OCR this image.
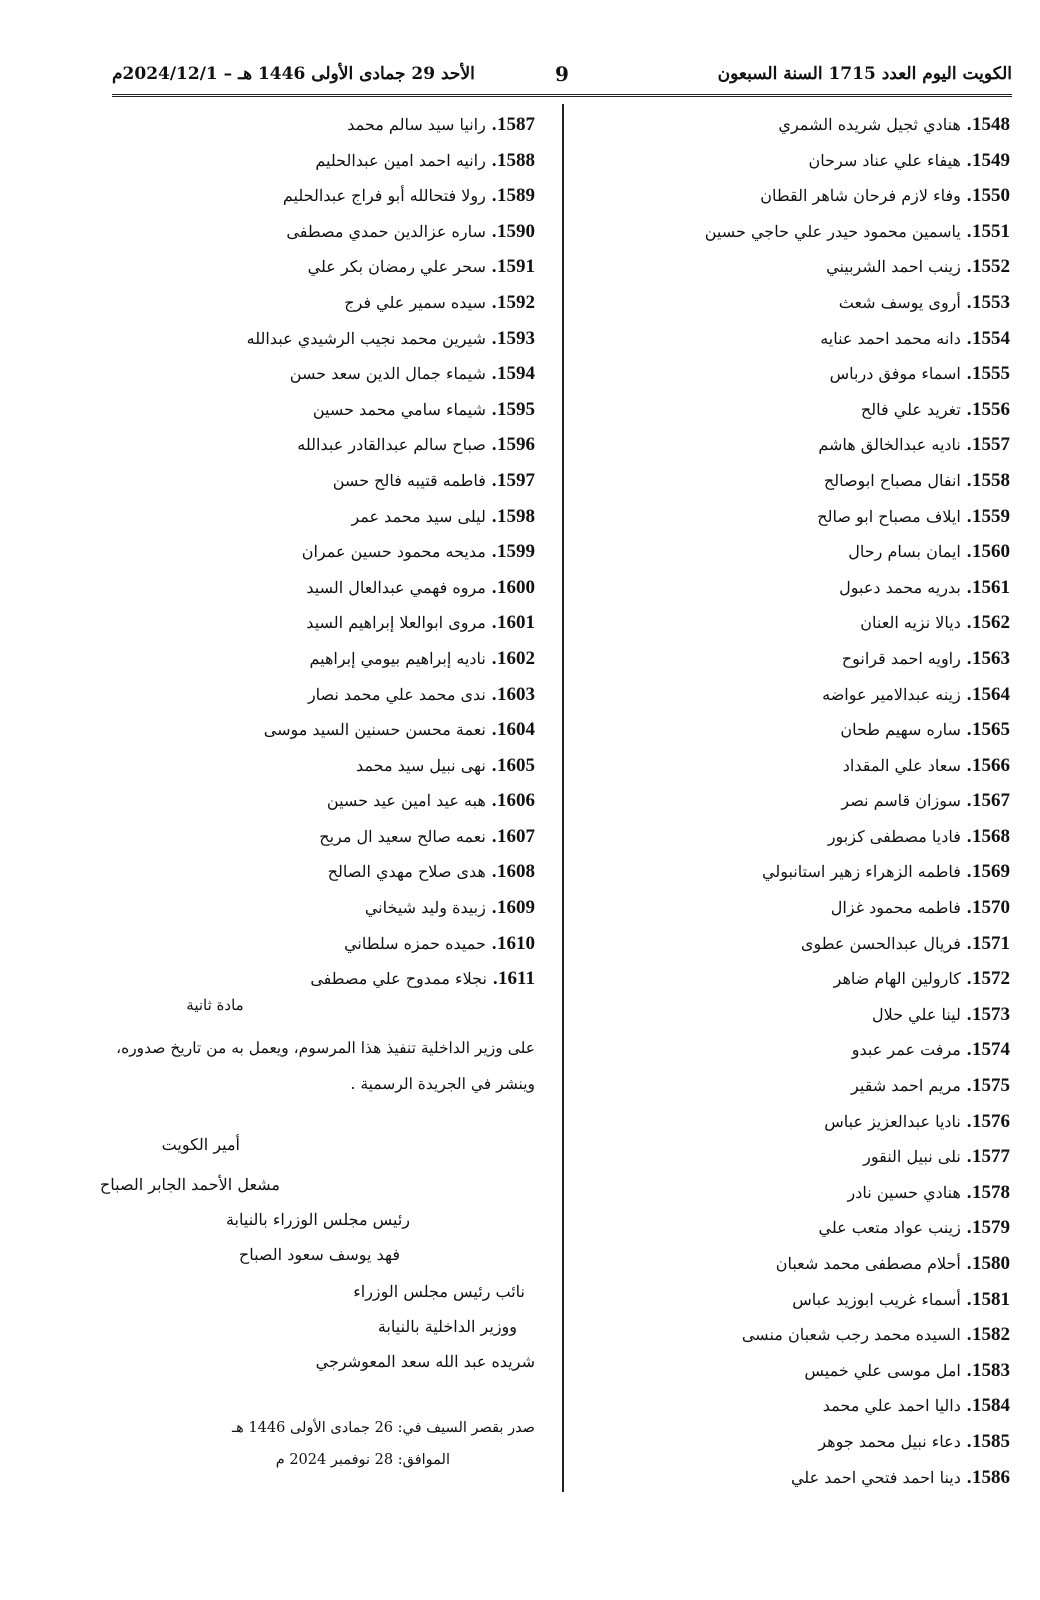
الكويت اليوم العدد 1715 السنة السبعون
9
الأحد 29 جمادى الأولى 1446 هـ – 2024/12/1م
1548. هنادي ثجيل شريده الشمري
1549. هيفاء علي عناد سرحان
1550. وفاء لازم فرحان شاهر القطان
1551. ياسمين محمود حيدر علي حاجي حسين
1552. زينب احمد الشربيني
1553. أروى يوسف شعث
1554. دانه محمد احمد عنايه
1555. اسماء موفق درباس
1556. تغريد علي فالح
1557. ناديه عبدالخالق هاشم
1558. انفال مصباح ابوصالح
1559. ايلاف مصباح ابو صالح
1560. ايمان بسام رحال
1561. بدريه محمد دعبول
1562. ديالا نزيه العنان
1563. راويه احمد قرانوح
1564. زينه عبدالامير عواضه
1565. ساره سهيم طحان
1566. سعاد علي المقداد
1567. سوزان قاسم نصر
1568. فاديا مصطفى كزبور
1569. فاطمه الزهراء زهير استانبولي
1570. فاطمه محمود غزال
1571. فريال عبدالحسن عطوى
1572. كارولين الهام ضاهر
1573. لينا علي حلال
1574. مرفت عمر عبدو
1575. مريم احمد شقير
1576. ناديا عبدالعزيز عباس
1577. نلى نبيل النقور
1578. هنادي حسين نادر
1579. زينب عواد متعب علي
1580. أحلام مصطفى محمد شعبان
1581. أسماء غريب ابوزيد عباس
1582. السيده محمد رجب شعبان منسى
1583. امل موسى علي خميس
1584. داليا احمد علي محمد
1585. دعاء نبيل محمد جوهر
1586. دينا احمد فتحي احمد علي
1587. رانيا سيد سالم محمد
1588. رانيه احمد امين عبدالحليم
1589. رولا فتحالله أبو فراج عبدالحليم
1590. ساره عزالدين حمدي مصطفى
1591. سحر علي رمضان بكر علي
1592. سيده سمير علي فرج
1593. شيرين محمد نجيب الرشيدي عبدالله
1594. شيماء جمال الدين سعد حسن
1595. شيماء سامي محمد حسين
1596. صباح سالم عبدالقادر عبدالله
1597. فاطمه قتيبه فالح حسن
1598. ليلى سيد محمد عمر
1599. مديحه محمود حسين عمران
1600. مروه فهمي عبدالعال السيد
1601. مروى ابوالعلا إبراهيم السيد
1602. ناديه إبراهيم بيومي إبراهيم
1603. ندى محمد علي محمد نصار
1604. نعمة محسن حسنين السيد موسى
1605. نهى نبيل سيد محمد
1606. هبه عيد امين عيد حسين
1607. نعمه صالح سعيد ال مريح
1608. هدى صلاح مهدي الصالح
1609. زبيدة وليد شيخاني
1610. حميده حمزه سلطاني
1611. نجلاء ممدوح علي مصطفى
مادة ثانية
على وزير الداخلية تنفيذ هذا المرسوم، ويعمل به من تاريخ صدوره، وينشر في الجريدة الرسمية .
أمير الكويت
مشعل الأحمد الجابر الصباح
رئيس مجلس الوزراء بالنيابة
فهد يوسف سعود الصباح
نائب رئيس مجلس الوزراء
ووزير الداخلية بالنيابة
شريده عبد الله سعد المعوشرجي
صدر بقصر السيف في: 26 جمادى الأولى 1446 هـ
الموافق: 28 نوفمبر 2024 م
